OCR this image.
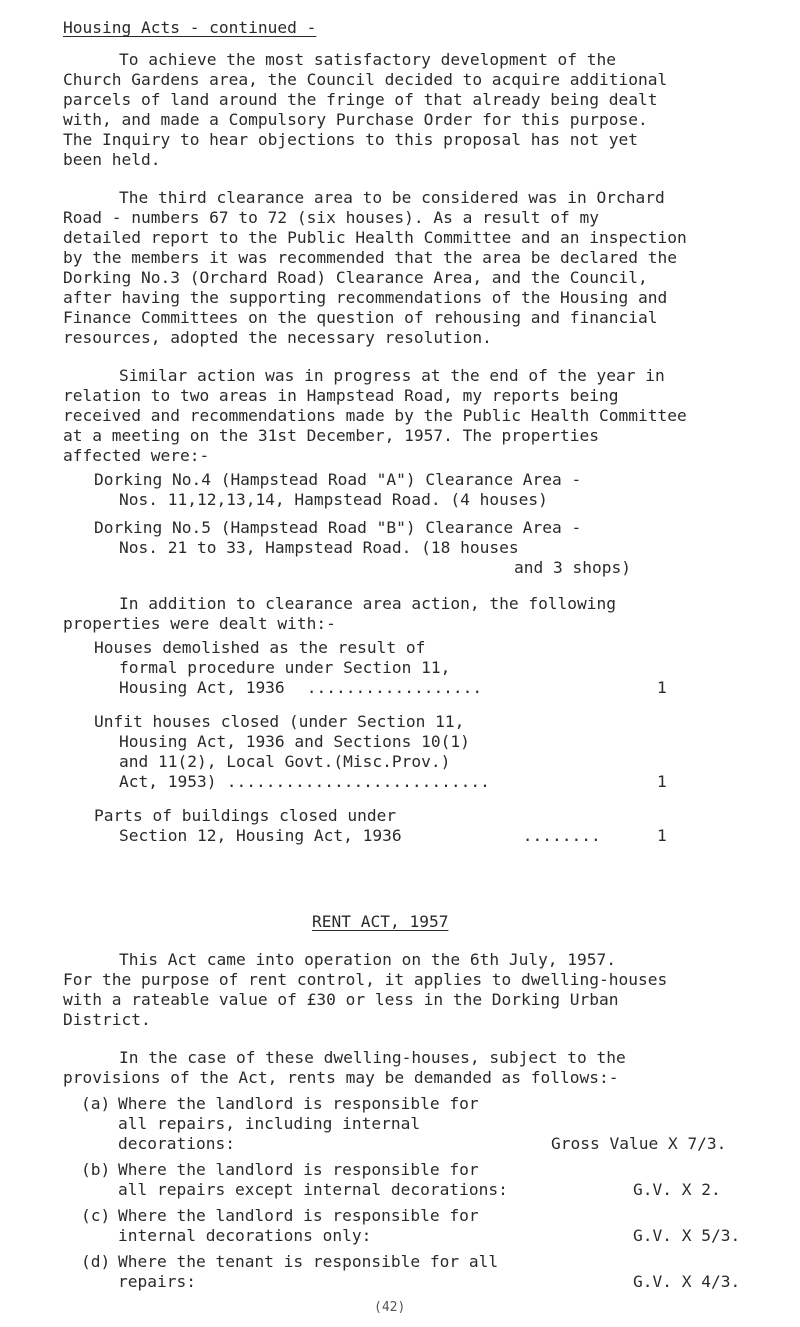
Housing Acts - continued -
To achieve the most satisfactory development of the
Church Gardens area, the Council decided to acquire additional
parcels of land around the fringe of that already being dealt
with, and made a Compulsory Purchase Order for this purpose.
The Inquiry to hear objections to this proposal has not yet
been held.
The third clearance area to be considered was in Orchard
Road - numbers 67 to 72 (six houses). As a result of my
detailed report to the Public Health Committee and an inspection
by the members it was recommended that the area be declared the
Dorking No.3 (Orchard Road) Clearance Area, and the Council,
after having the supporting recommendations of the Housing and
Finance Committees on the question of rehousing and financial
resources, adopted the necessary resolution.
Similar action was in progress at the end of the year in
relation to two areas in Hampstead Road, my reports being
received and recommendations made by the Public Health Committee
at a meeting on the 31st December, 1957. The properties
affected were:-
Dorking No.4 (Hampstead Road "A") Clearance Area -
Nos. 11,12,13,14, Hampstead Road. (4 houses)
Dorking No.5 (Hampstead Road "B") Clearance Area -
Nos. 21 to 33, Hampstead Road. (18 houses
and 3 shops)
In addition to clearance area action, the following
properties were dealt with:-
Houses demolished as the result of
formal procedure under Section 11,
Housing Act, 1936 ..................	1
Unfit houses closed (under Section 11,
Housing Act, 1936 and Sections 10(1)
and 11(2), Local Govt.(Misc.Prov.)
Act, 1953) ...........................	1
Parts of buildings closed under
Section 12, Housing Act, 1936	........	1
RENT ACT, 1957
This Act came into operation on the 6th July, 1957.
For the purpose of rent control, it applies to dwelling-houses
with a rateable value of £30 or less in the Dorking Urban
District.
In the case of these dwelling-houses, subject to the
provisions of the Act, rents may be demanded as follows:-
(a) Where the landlord is responsible for
all repairs, including internal
decorations:	Gross Value X 7/3.
(b) Where the landlord is responsible for
all repairs except internal decorations:	G.V. X 2.
(c) Where the landlord is responsible for
internal decorations only:	G.V. X 5/3.
(d) Where the tenant is responsible for all
repairs:	G.V. X 4/3.
(42)
